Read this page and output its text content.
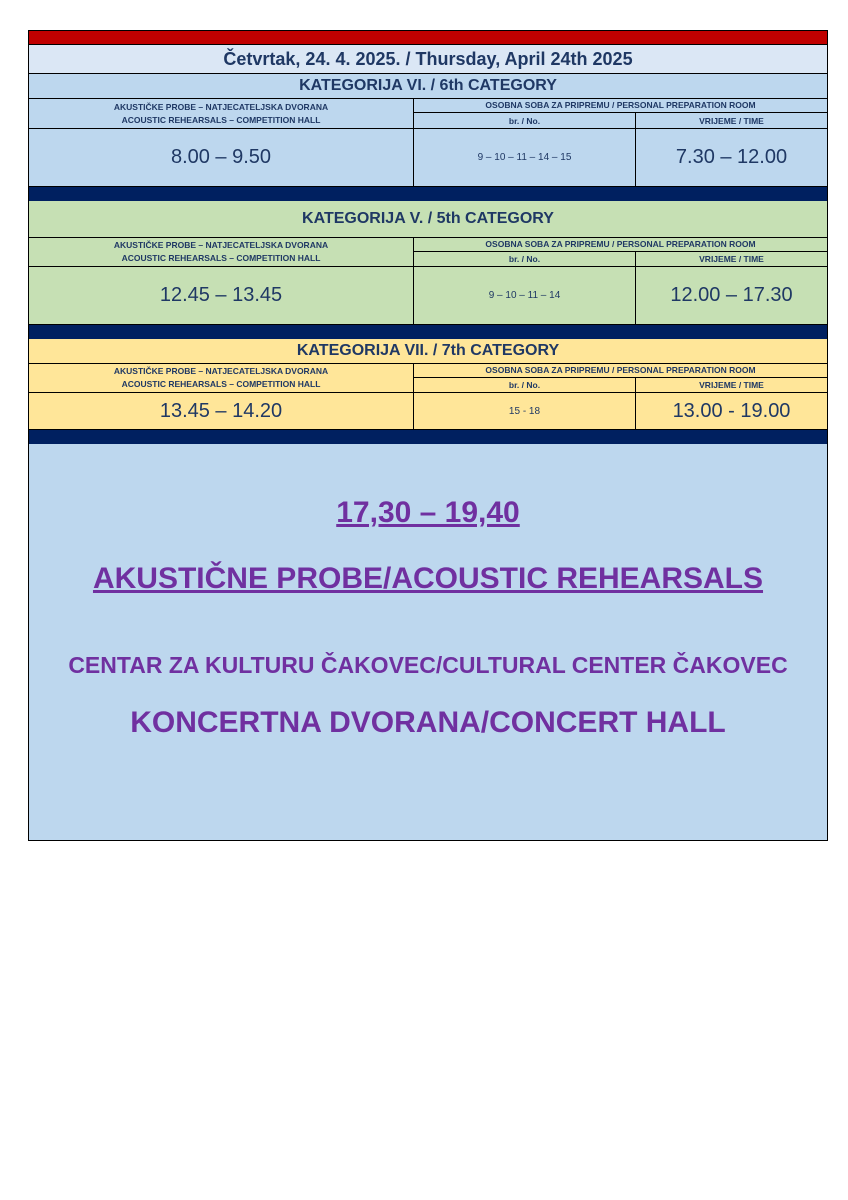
Četvrtak, 24. 4. 2025. / Thursday, April 24th 2025
KATEGORIJA VI. / 6th CATEGORY
AKUSTIČKE PROBE – NATJECATELJSKA DVORANA
ACOUSTIC REHEARSALS – COMPETITION HALL
OSOBNA SOBA ZA PRIPREMU / PERSONAL PREPARATION ROOM
br. / No.	VRIJEME / TIME
8.00 – 9.50	9 – 10 – 11 – 14 – 15	7.30 – 12.00
KATEGORIJA V. / 5th CATEGORY
AKUSTIČKE PROBE – NATJECATELJSKA DVORANA
ACOUSTIC REHEARSALS – COMPETITION HALL
OSOBNA SOBA ZA PRIPREMU / PERSONAL PREPARATION ROOM
br. / No.	VRIJEME / TIME
12.45 – 13.45	9 – 10 – 11 – 14	12.00 – 17.30
KATEGORIJA VII. / 7th CATEGORY
AKUSTIČKE PROBE – NATJECATELJSKA DVORANA
ACOUSTIC REHEARSALS – COMPETITION HALL
OSOBNA SOBA ZA PRIPREMU / PERSONAL PREPARATION ROOM
br. / No.	VRIJEME / TIME
13.45 – 14.20	15 - 18	13.00 - 19.00
17,30 – 19,40
AKUSTIČNE PROBE/ACOUSTIC REHEARSALS
CENTAR ZA KULTURU ČAKOVEC/CULTURAL CENTER ČAKOVEC
KONCERTNA DVORANA/CONCERT HALL
